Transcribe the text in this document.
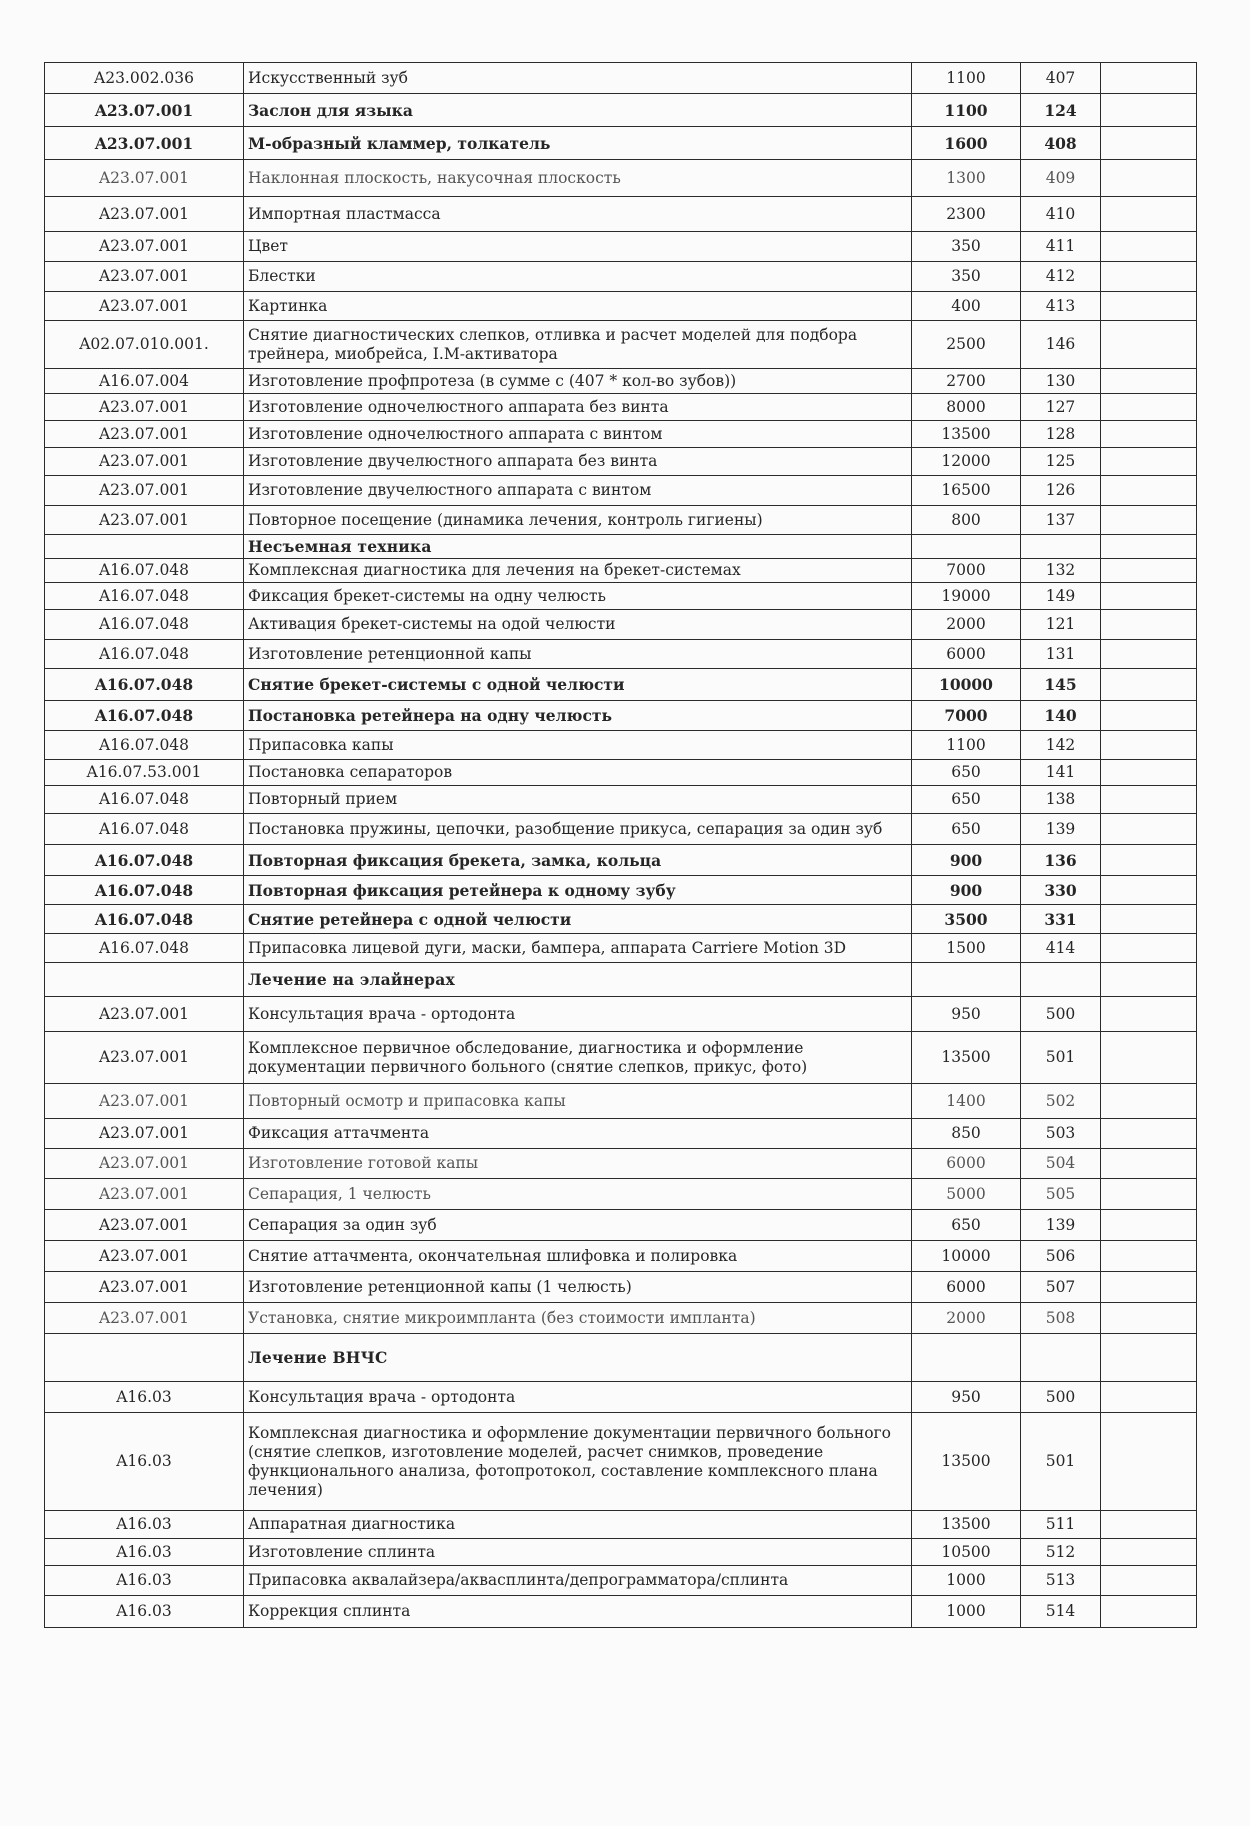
A23.002.036	Искусственный зуб	1100	407	
A23.07.001	Заслон для языка	1100	124	
A23.07.001	М-образный кламмер, толкатель	1600	408	
A23.07.001	Наклонная плоскость, накусочная плоскость	1300	409	
A23.07.001	Импортная пластмасса	2300	410	
A23.07.001	Цвет	350	411	
A23.07.001	Блестки	350	412	
A23.07.001	Картинка	400	413	
A02.07.010.001.	Снятие диагностических слепков, отливка и расчет моделей для подбора трейнера, миобрейса, I.M-активатора	2500	146	
A16.07.004	Изготовление профпротеза (в сумме с (407 * кол-во зубов))	2700	130	
A23.07.001	Изготовление одночелюстного аппарата без винта	8000	127	
A23.07.001	Изготовление одночелюстного аппарата с винтом	13500	128	
A23.07.001	Изготовление двучелюстного аппарата без винта	12000	125	
A23.07.001	Изготовление двучелюстного аппарата с винтом	16500	126	
A23.07.001	Повторное посещение (динамика лечения, контроль гигиены)	800	137	
	Несъемная техника			
A16.07.048	Комплексная диагностика для лечения на брекет-системах	7000	132	
A16.07.048	Фиксация брекет-системы на одну челюсть	19000	149	
A16.07.048	Активация брекет-системы на одой челюсти	2000	121	
A16.07.048	Изготовление ретенционной капы	6000	131	
A16.07.048	Снятие брекет-системы с одной челюсти	10000	145	
A16.07.048	Постановка ретейнера на одну челюсть	7000	140	
A16.07.048	Припасовка капы	1100	142	
A16.07.53.001	Постановка сепараторов	650	141	
A16.07.048	Повторный прием	650	138	
A16.07.048	Постановка пружины, цепочки, разобщение прикуса, сепарация за один зуб	650	139	
A16.07.048	Повторная фиксация брекета, замка, кольца	900	136	
A16.07.048	Повторная фиксация ретейнера к одному зубу	900	330	
A16.07.048	Снятие ретейнера с одной челюсти	3500	331	
A16.07.048	Припасовка лицевой дуги, маски, бампера, аппарата Carriere Motion 3D	1500	414	
	Лечение на элайнерах			
A23.07.001	Консультация врача - ортодонта	950	500	
A23.07.001	Комплексное первичное обследование, диагностика и оформление документации первичного больного (снятие слепков, прикус, фото)	13500	501	
A23.07.001	Повторный осмотр и припасовка капы	1400	502	
A23.07.001	Фиксация аттачмента	850	503	
A23.07.001	Изготовление готовой капы	6000	504	
A23.07.001	Сепарация, 1 челюсть	5000	505	
A23.07.001	Сепарация за один зуб	650	139	
A23.07.001	Снятие аттачмента, окончательная шлифовка и полировка	10000	506	
A23.07.001	Изготовление ретенционной капы (1 челюсть)	6000	507	
A23.07.001	Установка, снятие микроимпланта (без стоимости импланта)	2000	508	
	Лечение ВНЧС			
A16.03	Консультация врача - ортодонта	950	500	
A16.03	Комплексная диагностика и оформление документации первичного больного (снятие слепков, изготовление моделей, расчет снимков, проведение функционального анализа, фотопротокол, составление комплексного плана лечения)	13500	501	
A16.03	Аппаратная диагностика	13500	511	
A16.03	Изготовление сплинта	10500	512	
A16.03	Припасовка аквалайзера/аквасплинта/депрограмматора/сплинта	1000	513	
A16.03	Коррекция сплинта	1000	514	
